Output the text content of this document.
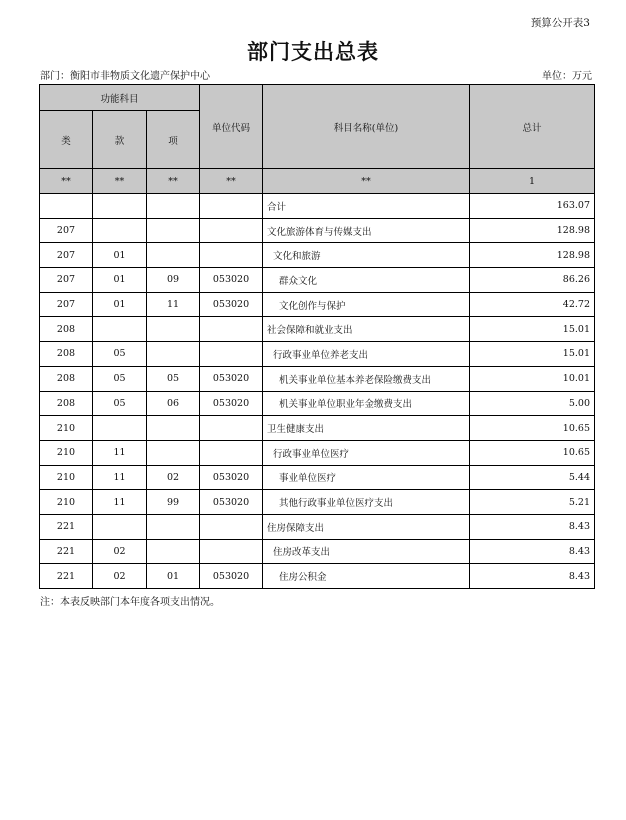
预算公开表3
部门支出总表
部门：衡阳市非物质文化遗产保护中心	单位：万元
功能科目			单位代码	科目名称(单位)	总计
类	款	项			
**	**	**	**	**	1
				合计	163.07
207				文化旅游体育与传媒支出	128.98
207	01			文化和旅游	128.98
207	01	09	053020	群众文化	86.26
207	01	11	053020	文化创作与保护	42.72
208				社会保障和就业支出	15.01
208	05			行政事业单位养老支出	15.01
208	05	05	053020	机关事业单位基本养老保险缴费支出	10.01
208	05	06	053020	机关事业单位职业年金缴费支出	5.00
210				卫生健康支出	10.65
210	11			行政事业单位医疗	10.65
210	11	02	053020	事业单位医疗	5.44
210	11	99	053020	其他行政事业单位医疗支出	5.21
221				住房保障支出	8.43
221	02			住房改革支出	8.43
221	02	01	053020	住房公积金	8.43
注：本表反映部门本年度各项支出情况。
